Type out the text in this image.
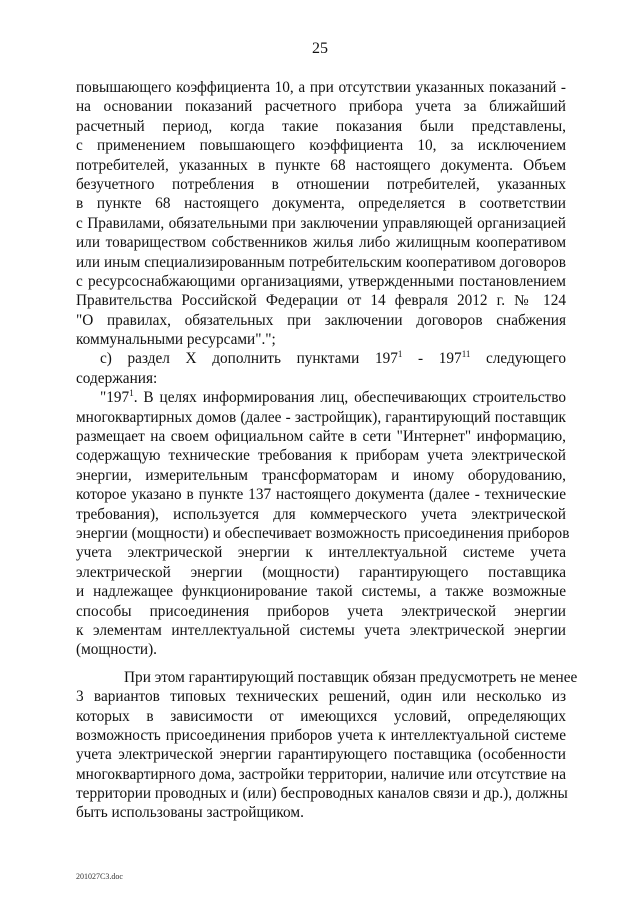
25

повышающего коэффициента 10, а при отсутствии указанных показаний -
на основании показаний расчетного прибора учета за ближайший
расчетный период, когда такие показания были представлены,
с применением повышающего коэффициента 10, за исключением
потребителей, указанных в пункте 68 настоящего документа. Объем
безучетного потребления в отношении потребителей, указанных
в пункте 68 настоящего документа, определяется в соответствии
с Правилами, обязательными при заключении управляющей организацией
или товариществом собственников жилья либо жилищным кооперативом
или иным специализированным потребительским кооперативом договоров
с ресурсоснабжающими организациями, утвержденными постановлением
Правительства Российской Федерации от 14 февраля 2012 г. № 124
"О правилах, обязательных при заключении договоров снабжения
коммунальными ресурсами".";

с) раздел X дополнить пунктами $197^1 - 197^{11}$ следующего
содержания:

"$197^1$. В целях информирования лиц, обеспечивающих строительство
многоквартирных домов (далее - застройщик), гарантирующий поставщик
размещает на своем официальном сайте в сети "Интернет" информацию,
содержащую технические требования к приборам учета электрической
энергии, измерительным трансформаторам и иному оборудованию,
которое указано в пункте 137 настоящего документа (далее - технические
требования), используется для коммерческого учета электрической
энергии (мощности) и обеспечивает возможность присоединения приборов
учета электрической энергии к интеллектуальной системе учета
электрической энергии (мощности) гарантирующего поставщика
и надлежащее функционирование такой системы, а также возможные
способы присоединения приборов учета электрической энергии
к элементам интеллектуальной системы учета электрической энергии
(мощности).

При этом гарантирующий поставщик обязан предусмотреть не менее
3 вариантов типовых технических решений, один или несколько из
которых в зависимости от имеющихся условий, определяющих
возможность присоединения приборов учета к интеллектуальной системе
учета электрической энергии гарантирующего поставщика (особенности
многоквартирного дома, застройки территории, наличие или отсутствие на
территории проводных и (или) беспроводных каналов связи и др.), должны
быть использованы застройщиком.

201027С3.doc
